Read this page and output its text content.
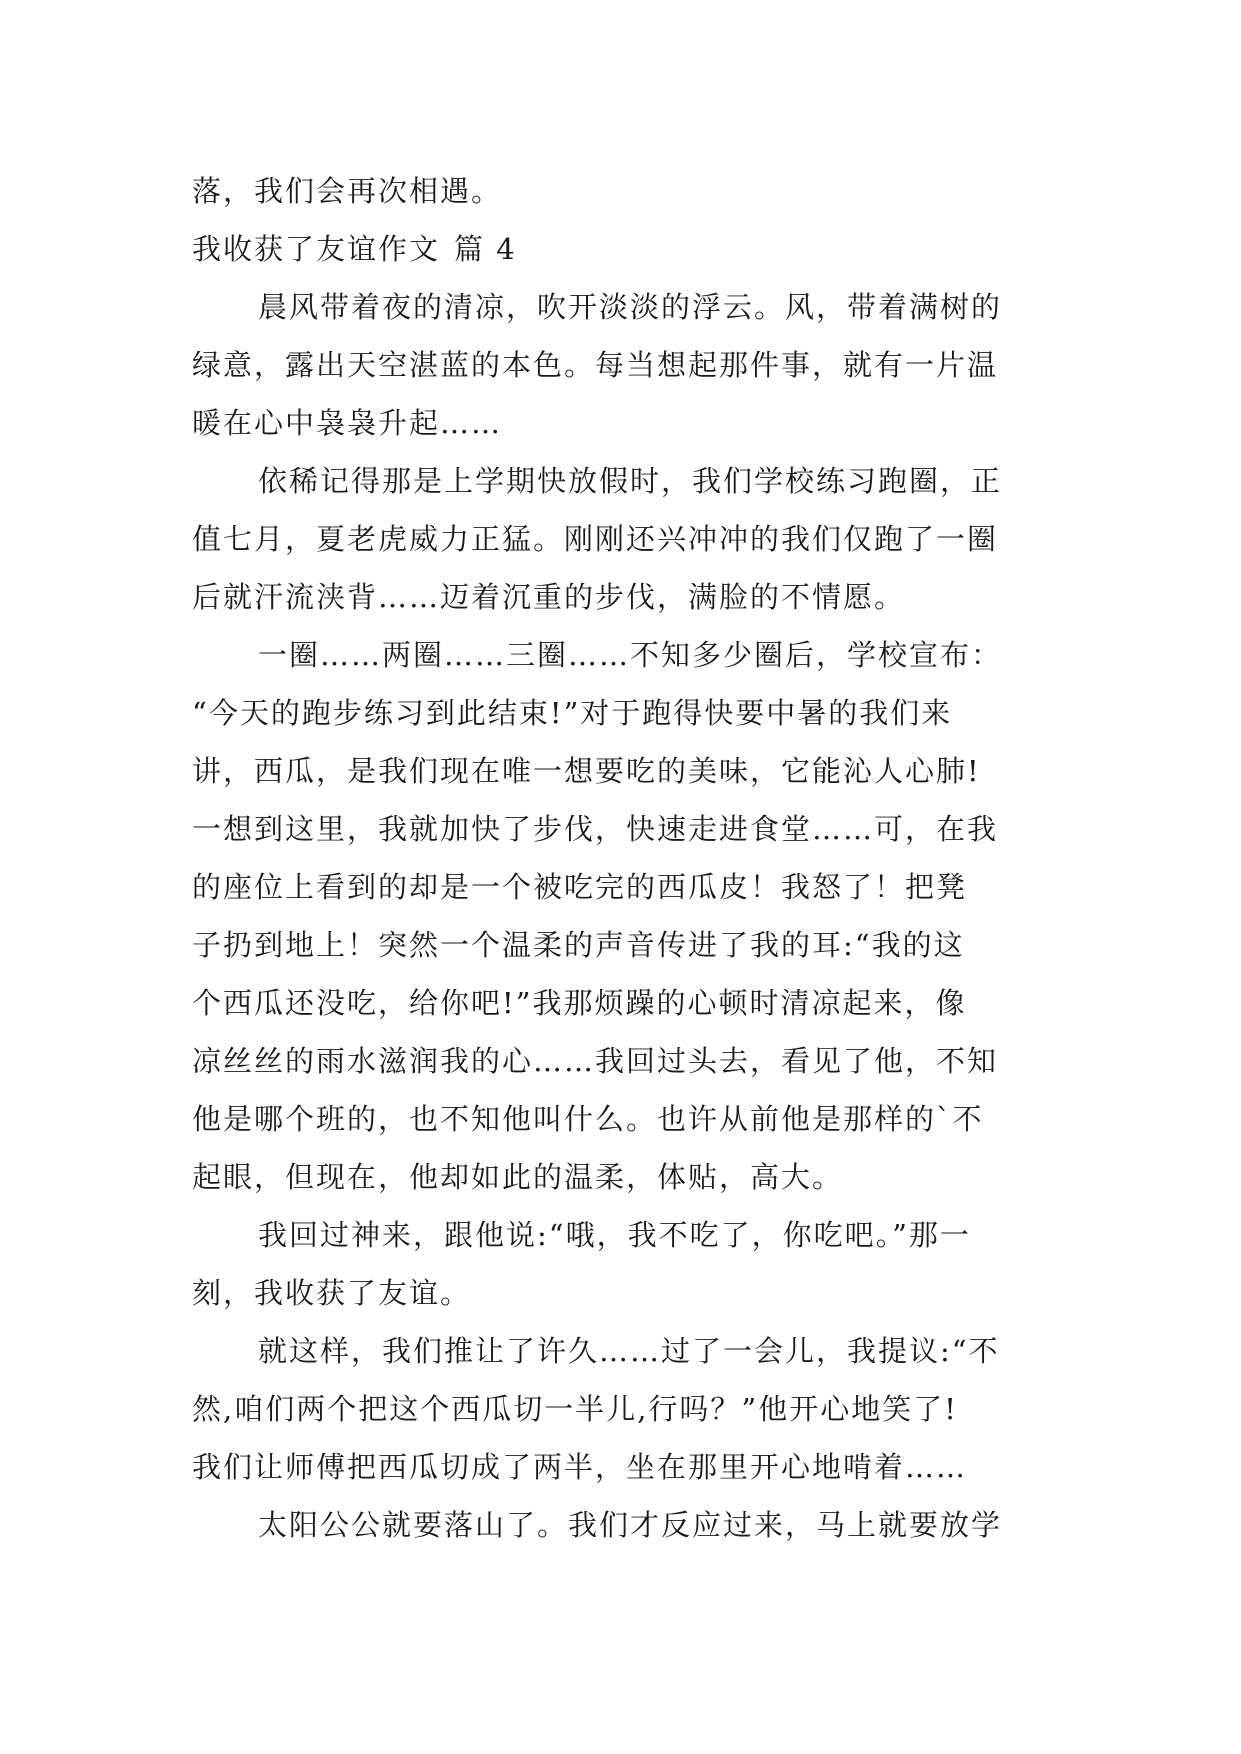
落，我们会再次相遇。
我收获了友谊作文 篇 4
晨风带着夜的清凉，吹开淡淡的浮云。风，带着满树的
绿意，露出天空湛蓝的本色。每当想起那件事，就有一片温
暖在心中袅袅升起……
依稀记得那是上学期快放假时，我们学校练习跑圈，正
值七月，夏老虎威力正猛。刚刚还兴冲冲的我们仅跑了一圈
后就汗流浃背……迈着沉重的步伐，满脸的不情愿。
一圈……两圈……三圈……不知多少圈后，学校宣布：
“今天的跑步练习到此结束!”对于跑得快要中暑的我们来
讲，西瓜，是我们现在唯一想要吃的美味，它能沁人心肺!
一想到这里，我就加快了步伐，快速走进食堂……可，在我
的座位上看到的却是一个被吃完的西瓜皮！我怒了！把凳
子扔到地上！突然一个温柔的声音传进了我的耳:“我的这
个西瓜还没吃，给你吧!”我那烦躁的心顿时清凉起来，像
凉丝丝的雨水滋润我的心……我回过头去，看见了他，不知
他是哪个班的，也不知他叫什么。也许从前他是那样的`不
起眼，但现在，他却如此的温柔，体贴，高大。
我回过神来，跟他说:“哦，我不吃了，你吃吧。”那一
刻，我收获了友谊。
就这样，我们推让了许久……过了一会儿，我提议:“不
然,咱们两个把这个西瓜切一半儿,行吗？”他开心地笑了!
我们让师傅把西瓜切成了两半，坐在那里开心地啃着……
太阳公公就要落山了。我们才反应过来，马上就要放学
